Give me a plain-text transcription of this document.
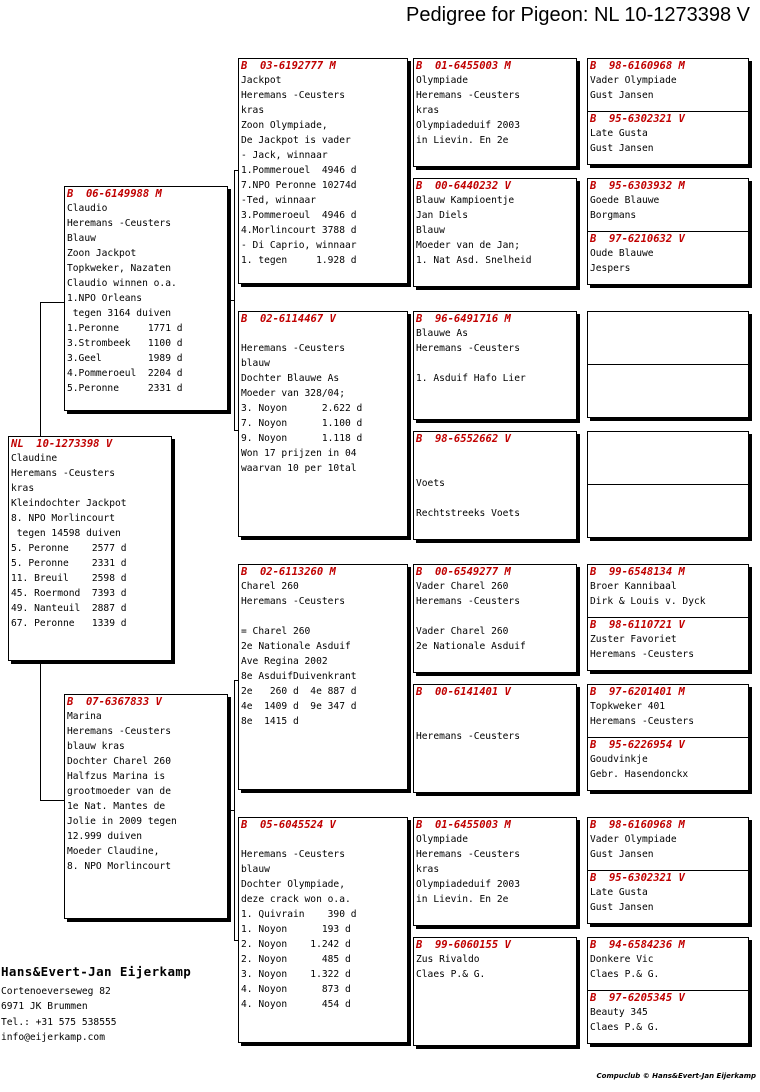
Pedigree for Pigeon: NL 10-1273398 V
NL  10-1273398 V
Claudine
Heremans -Ceusters
kras
Kleindochter Jackpot
8. NPO Morlincourt
tegen 14598 duiven
5. Peronne    2577 d
5. Peronne    2331 d
11. Breuil    2598 d
45. Roermond  7393 d
49. Nanteuil  2887 d
67. Peronne   1339 d
B  06-6149988 M
Claudio
Heremans -Ceusters
Blauw
Zoon Jackpot
Topkweker, Nazaten
Claudio winnen o.a.
1.NPO Orleans
tegen 3164 duiven
1.Peronne     1771 d
3.Strombeek   1100 d
3.Geel        1989 d
4.Pommeroeul  2204 d
5.Peronne     2331 d
B  07-6367833 V
Marina
Heremans -Ceusters
blauw kras
Dochter Charel 260
Halfzus Marina is
grootmoeder van de
1e Nat. Mantes de
Jolie in 2009 tegen
12.999 duiven
Moeder Claudine,
8. NPO Morlincourt
B  03-6192777 M
Jackpot
Heremans -Ceusters
kras
Zoon Olympiade,
De Jackpot is vader
- Jack, winnaar
1.Pommerouel  4946 d
7.NPO Peronne 10274d
-Ted, winnaar
3.Pommeroeul  4946 d
4.Morlincourt 3788 d
- Di Caprio, winnaar
1. tegen     1.928 d
B  02-6114467 V

Heremans -Ceusters
blauw
Dochter Blauwe As
Moeder van 328/04;
3. Noyon      2.622 d
7. Noyon      1.100 d
9. Noyon      1.118 d
Won 17 prijzen in 04
waarvan 10 per 10tal
B  02-6113260 M
Charel 260
Heremans -Ceusters

= Charel 260
2e Nationale Asduif
Ave Regina 2002
8e AsduifDuivenkrant
2e   260 d  4e 887 d
4e  1409 d  9e 347 d
8e  1415 d
B  05-6045524 V

Heremans -Ceusters
blauw
Dochter Olympiade,
deze crack won o.a.
1. Quivrain    390 d
1. Noyon      193 d
2. Noyon    1.242 d
2. Noyon      485 d
3. Noyon    1.322 d
4. Noyon      873 d
4. Noyon      454 d
B  01-6455003 M
Olympiade
Heremans -Ceusters
kras
Olympiadeduif 2003
in Lievin. En 2e
B  00-6440232 V
Blauw Kampioentje
Jan Diels
Blauw
Moeder van de Jan;
1. Nat Asd. Snelheid
B  96-6491716 M
Blauwe As
Heremans -Ceusters

1. Asduif Hafo Lier
B  98-6552662 V

Voets

Rechtstreeks Voets
B  00-6549277 M
Vader Charel 260
Heremans -Ceusters

Vader Charel 260
2e Nationale Asduif
B  00-6141401 V

Heremans -Ceusters
B  01-6455003 M
Olympiade
Heremans -Ceusters
kras
Olympiadeduif 2003
in Lievin. En 2e
B  99-6060155 V
Zus Rivaldo
Claes P.& G.
B  98-6160968 M
Vader Olympiade
Gust Jansen
B  95-6302321 V
Late Gusta
Gust Jansen
B  95-6303932 M
Goede Blauwe
Borgmans
B  97-6210632 V
Oude Blauwe
Jespers
B  99-6548134 M
Broer Kannibaal
Dirk & Louis v. Dyck
B  98-6110721 V
Zuster Favoriet
Heremans -Ceusters
B  97-6201401 M
Topkweker 401
Heremans -Ceusters
B  95-6226954 V
Goudvinkje
Gebr. Hasendonckx
B  98-6160968 M
Vader Olympiade
Gust Jansen
B  95-6302321 V
Late Gusta
Gust Jansen
B  94-6584236 M
Donkere Vic
Claes P.& G.
B  97-6205345 V
Beauty 345
Claes P.& G.
Hans&Evert-Jan Eijerkamp
Cortenoeverseweg 82
6971 JK Brummen
Tel.: +31 575 538555
info@eijerkamp.com
Compuclub © Hans&Evert-Jan Eijerkamp
